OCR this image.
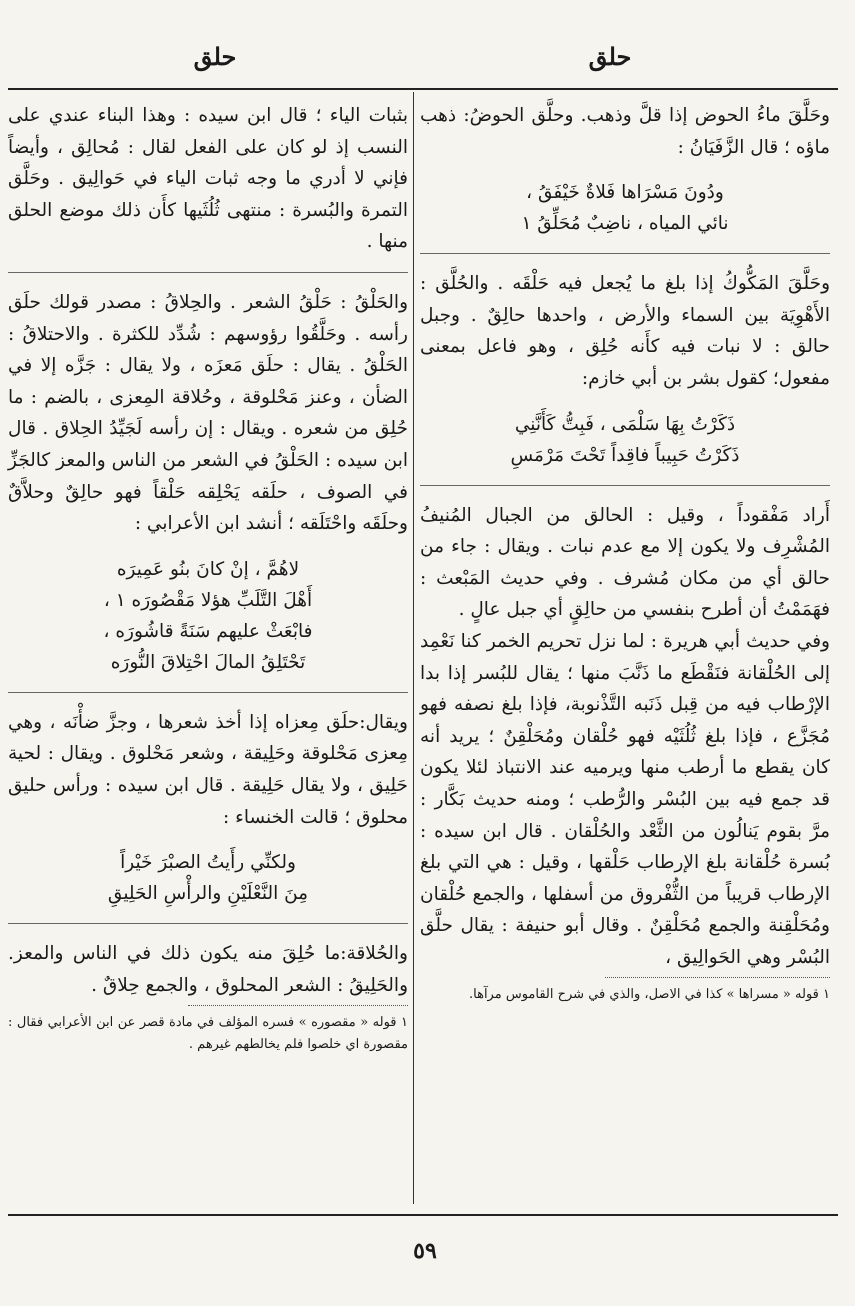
حلق
حلق

وحَلَّقَ ماءُ الحوض إذا قلَّ وذهب. وحلَّق الحوضُ: ذهب ماؤه ؛ قال الزَّفَيَانُ :

ودُونَ مَسْرَاها فَلاةٌ خَيْفَقُ ،
نائي المياه ، ناضِبٌ مُحَلِّقُ ١

وحَلَّقَ المَكُّوكُ إذا بلغ ما يُجعل فيه حَلْقَه . والحُلَّق : الأَهْوِيَة بين السماء والأرض ، واحدها حالِقٌ . وجبل حالق : لا نبات فيه كأَنه حُلِق ، وهو فاعل بمعنى مفعول؛ كقول بشر بن أبي خازم:

ذَكَرْتُ بِهَا سَلْمَى ، فَبِتُّ كَأَنَّنِي
ذَكَرْتُ حَبِيباً فاقِداً تَحْتَ مَرْمَسِ

أَراد مَفْقوداً ، وقيل : الحالق من الجبال المُنيفُ المُشْرِف ولا يكون إلا مع عدم نبات . ويقال : جاء من حالق أي من مكان مُشرف . وفي حديث المَبْعث : فهَمَمْتُ أن أطرح بنفسي من حالِقٍ أي جبل عالٍ .

وفي حديث أبي هريرة : لما نزل تحريم الخمر كنا نَعْمِد إلى الحُلْقانة فنَقْطَع ما ذَنَّبَ منها ؛ يقال للبُسر إذا بدا الإرْطاب فيه من قِبل ذَنَبه التَّذْنوبة، فإذا بلغ نصفه فهو مُجَزَّع ، فإذا بلغ ثُلُثَيْه فهو حُلْقان ومُحَلْقِنٌ ؛ يريد أنه كان يقطع ما أرطب منها ويرميه عند الانتباذ لئلا يكون قد جمع فيه بين البُسْر والرُّطب ؛ ومنه حديث بَكَّار : مرَّ بقوم يَنالُون من الثَّعْد والحُلْقان . قال ابن سيده : بُسرة حُلْقانة بلغ الإرطاب حَلْقها ، وقيل : هي التي بلغ الإرطاب قريباً من الثُّفْروق من أسفلها ، والجمع حُلْقان ومُحَلْقِنة والجمع مُحَلْقِنٌ . وقال أبو حنيفة : يقال حلَّق البُسْر وهي الحَوالِيق ،

١ قوله « مسراها » كذا في الاصل، والذي في شرح القاموس مرآها.

بثبات الياء ؛ قال ابن سيده : وهذا البناء عندي على النسب إذ لو كان على الفعل لقال : مُحالِق ، وأيضاً فإني لا أدري ما وجه ثبات الياء في حَوالِيق . وحَلَّق التمرة والبُسرة : منتهى ثُلُثَيها كأَن ذلك موضع الحلق منها .

والحَلْقُ : حَلْقُ الشعر . والحِلاقُ : مصدر قولك حلَق رأسه . وحَلَّقُوا رؤوسهم : شُدِّد للكثرة . والاحتلاقُ : الحَلْقُ . يقال : حلَق مَعزَه ، ولا يقال : جَزَّه إلا في الضأن ، وعنز مَحْلوقة ، وحُلاقة المِعزى ، بالضم : ما حُلِق من شعره . ويقال : إن رأسه لَجَيِّدُ الحِلاق . قال ابن سيده : الحَلْقُ في الشعر من الناس والمعز كالجَزِّ في الصوف ، حلَقه يَحْلِقه حَلْقاً فهو حالِقٌ وحلاَّقٌ وحلَقَه واحْتَلَقه ؛ أنشد ابن الأعرابي :

لاهُمَّ ، إنْ كانَ بنُو عَمِيرَه
أَهْلَ التَّلَبِّ هؤلا مَقْصُورَه ١ ،
فابْعَثْ عليهم سَنَةً قاشُورَه ،
تَحْتَلِقُ المالَ احْتِلاقَ النُّورَه

ويقال:حلَق مِعزاه إذا أخذ شعرها ، وجزَّ ضأْنَه ، وهي مِعزى مَحْلوقة وحَلِيقة ، وشعر مَحْلوق . ويقال : لحية حَلِيق ، ولا يقال حَلِيقة . قال ابن سيده : ورأس حليق محلوق ؛ قالت الخنساء :

ولكنِّي رأَيتُ الصبْرَ خَيْراً
مِنَ النَّعْلَيْنِ والرأْسِ الحَلِيقِ

والحُلاقة:ما حُلِقَ منه يكون ذلك في الناس والمعز. والحَلِيقُ : الشعر المحلوق ، والجمع حِلاقٌ .

١ قوله « مقصوره » فسره المؤلف في مادة قصر عن ابن الأعرابي فقال : مقصورة اي خلصوا فلم يخالطهم غيرهم .
٥٩
